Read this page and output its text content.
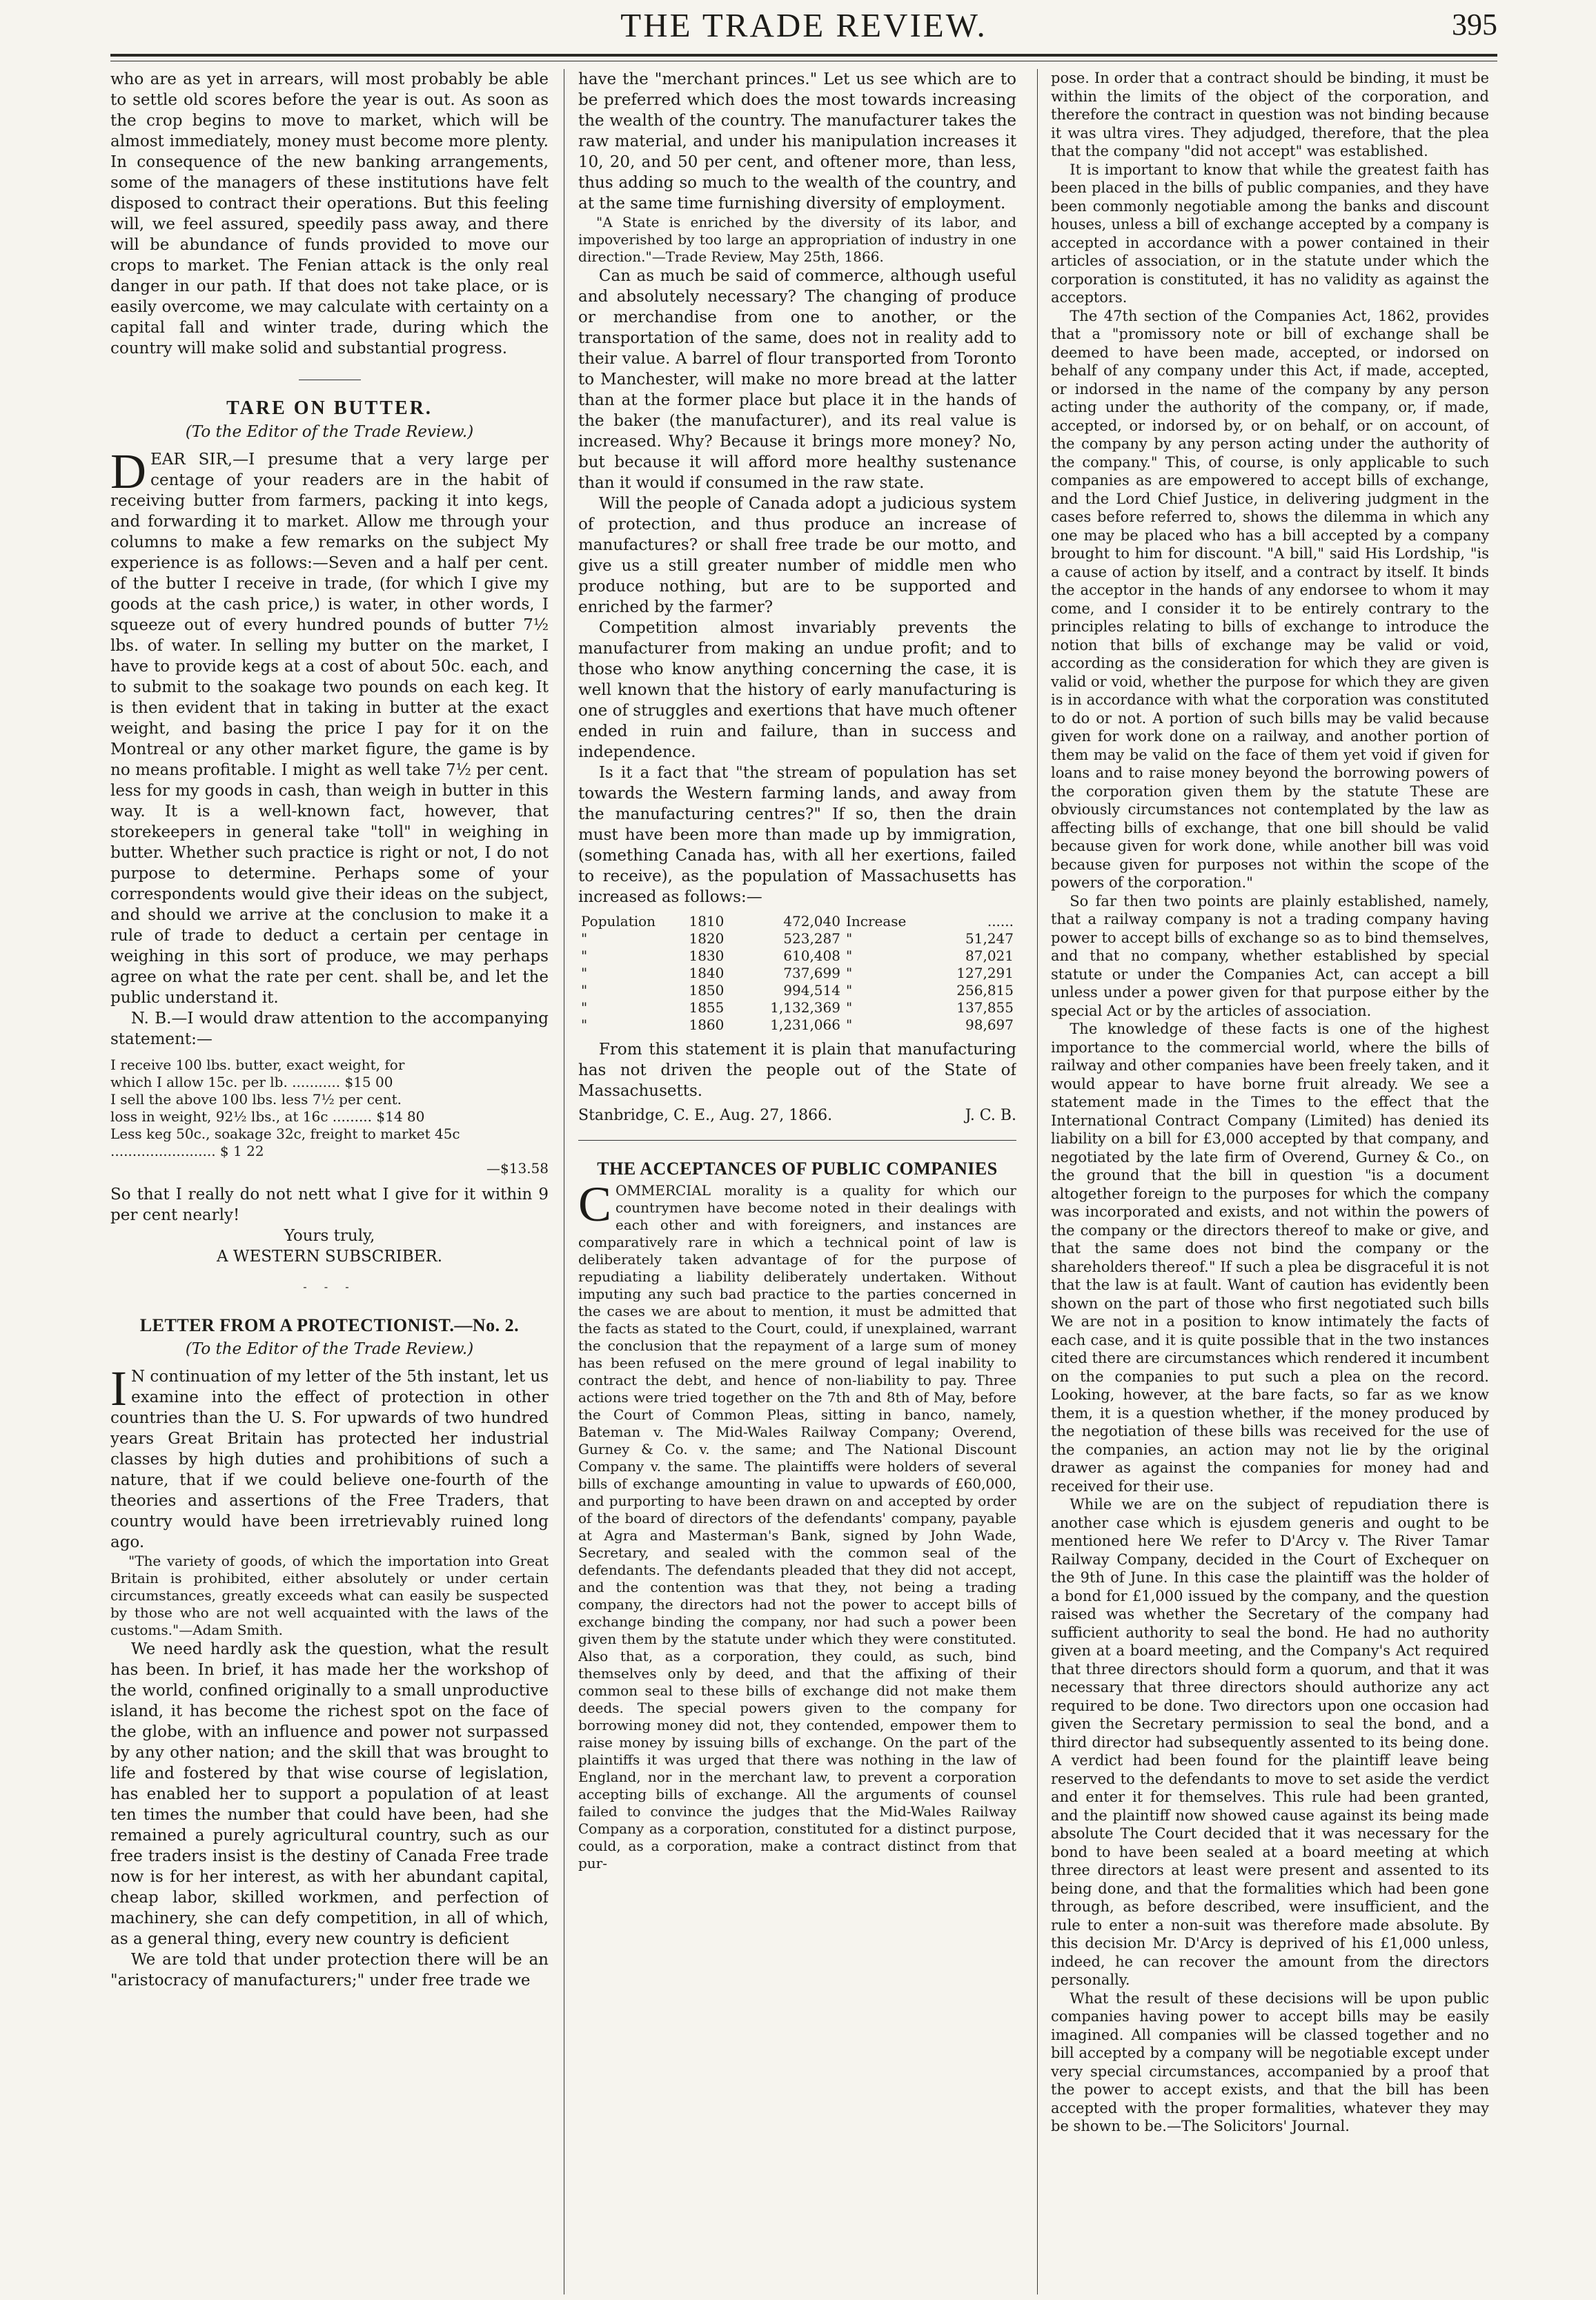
THE TRADE REVIEW.	395

who are as yet in arrears, will most probably be able to settle old scores before the year is out. As soon as the crop begins to move to market, which will be almost immediately, money must become more plenty. In consequence of the new banking arrangements, some of the managers of these institutions have felt disposed to contract their operations. But this feeling will, we feel assured, speedily pass away, and there will be abundance of funds provided to move our crops to market. The Fenian attack is the only real danger in our path. If that does not take place, or is easily overcome, we may calculate with certainty on a capital fall and winter trade, during which the country will make solid and substantial progress.

TARE ON BUTTER.
(To the Editor of the Trade Review.)

DEAR SIR,—I presume that a very large per centage of your readers are in the habit of receiving butter from farmers, packing it into kegs, and forwarding it to market. Allow me through your columns to make a few remarks on the subject My experience is as follows:—Seven and a half per cent. of the butter I receive in trade, (for which I give my goods at the cash price,) is water, in other words, I squeeze out of every hundred pounds of butter 7½ lbs. of water. In selling my butter on the market, I have to provide kegs at a cost of about 50c. each, and to submit to the soakage two pounds on each keg. It is then evident that in taking in butter at the exact weight, and basing the price I pay for it on the Montreal or any other market figure, the game is by no means profitable. I might as well take 7½ per cent. less for my goods in cash, than weigh in butter in this way. It is a well-known fact, however, that storekeepers in general take "toll" in weighing in butter. Whether such practice is right or not, I do not purpose to determine. Perhaps some of your correspondents would give their ideas on the subject, and should we arrive at the conclusion to make it a rule of trade to deduct a certain per centage in weighing in this sort of produce, we may perhaps agree on what the rate per cent. shall be, and let the public understand it.

N. B.—I would draw attention to the accompanying statement:—

I receive 100 lbs. butter, exact weight, for
which I allow 15c. per lb. ........... $15 00
I sell the above 100 lbs. less 7½ per cent.
loss in weight, 92½ lbs., at 16c ......... $14 80
Less keg 50c., soakage 32c, freight to market 45c ........................ $ 1 22
—$13.58

So that I really do not nett what I give for it within 9 per cent nearly!

Yours truly,
A WESTERN SUBSCRIBER.
- - -
LETTER FROM A PROTECTIONIST.—No. 2.
(To the Editor of the Trade Review.)

I N continuation of my letter of the 5th instant, let us examine into the effect of protection in other countries than the U. S. For upwards of two hundred years Great Britain has protected her industrial classes by high duties and prohibitions of such a nature, that if we could believe one-fourth of the theories and assertions of the Free Traders, that country would have been irretrievably ruined long ago.

"The variety of goods, of which the importation into Great Britain is prohibited, either absolutely or under certain circumstances, greatly exceeds what can easily be suspected by those who are not well acquainted with the laws of the customs."—Adam Smith.

We need hardly ask the question, what the result has been. In brief, it has made her the workshop of the world, confined originally to a small unproductive island, it has become the richest spot on the face of the globe, with an influence and power not surpassed by any other nation; and the skill that was brought to life and fostered by that wise course of legislation, has enabled her to support a population of at least ten times the number that could have been, had she remained a purely agricultural country, such as our free traders insist is the destiny of Canada Free trade now is for her interest, as with her abundant capital, cheap labor, skilled workmen, and perfection of machinery, she can defy competition, in all of which, as a general thing, every new country is deficient

We are told that under protection there will be an "aristocracy of manufacturers;" under free trade we

have the "merchant princes." Let us see which are to be preferred which does the most towards increasing the wealth of the country. The manufacturer takes the raw material, and under his manipulation increases it 10, 20, and 50 per cent, and oftener more, than less, thus adding so much to the wealth of the country, and at the same time furnishing diversity of employment.

"A State is enriched by the diversity of its labor, and impoverished by too large an appropriation of industry in one direction."—Trade Review, May 25th, 1866.

Can as much be said of commerce, although useful and absolutely necessary? The changing of produce or merchandise from one to another, or the transportation of the same, does not in reality add to their value. A barrel of flour transported from Toronto to Manchester, will make no more bread at the latter than at the former place but place it in the hands of the baker (the manufacturer), and its real value is increased. Why? Because it brings more money? No, but because it will afford more healthy sustenance than it would if consumed in the raw state.

Will the people of Canada adopt a judicious system of protection, and thus produce an increase of manufactures? or shall free trade be our motto, and give us a still greater number of middle men who produce nothing, but are to be supported and enriched by the farmer?

Competition almost invariably prevents the manufacturer from making an undue profit; and to those who know anything concerning the case, it is well known that the history of early manufacturing is one of struggles and exertions that have much oftener ended in ruin and failure, than in success and independence.

Is it a fact that "the stream of population has set towards the Western farming lands, and away from the manufacturing centres?" If so, then the drain must have been more than made up by immigration, (something Canada has, with all her exertions, failed to receive), as the population of Massachusetts has increased as follows:—

Population	1810	472,040	Increase	......
"	1820	523,287	"	51,247
"	1830	610,408	"	87,021
"	1840	737,699	"	127,291
"	1850	994,514	"	256,815
"	1855	1,132,369	"	137,855
"	1860	1,231,066	"	98,697

From this statement it is plain that manufacturing has not driven the people out of the State of Massachusetts.

Stanbridge, C. E., Aug. 27, 1866.	J. C. B.
THE ACCEPTANCES OF PUBLIC COMPANIES

COMMERCIAL morality is a quality for which our countrymen have become noted in their dealings with each other and with foreigners, and instances are comparatively rare in which a technical point of law is deliberately taken advantage of for the purpose of repudiating a liability deliberately undertaken. Without imputing any such bad practice to the parties concerned in the cases we are about to mention, it must be admitted that the facts as stated to the Court, could, if unexplained, warrant the conclusion that the repayment of a large sum of money has been refused on the mere ground of legal inability to contract the debt, and hence of non-liability to pay. Three actions were tried together on the 7th and 8th of May, before the Court of Common Pleas, sitting in banco, namely, Bateman v. The Mid-Wales Railway Company; Overend, Gurney & Co. v. the same; and The National Discount Company v. the same. The plaintiffs were holders of several bills of exchange amounting in value to upwards of £60,000, and purporting to have been drawn on and accepted by order of the board of directors of the defendants' company, payable at Agra and Masterman's Bank, signed by John Wade, Secretary, and sealed with the common seal of the defendants. The defendants pleaded that they did not accept, and the contention was that they, not being a trading company, the directors had not the power to accept bills of exchange binding the company, nor had such a power been given them by the statute under which they were constituted. Also that, as a corporation, they could, as such, bind themselves only by deed, and that the affixing of their common seal to these bills of exchange did not make them deeds. The special powers given to the company for borrowing money did not, they contended, empower them to raise money by issuing bills of exchange. On the part of the plaintiffs it was urged that there was nothing in the law of England, nor in the merchant law, to prevent a corporation accepting bills of exchange. All the arguments of counsel failed to convince the judges that the Mid-Wales Railway Company as a corporation, constituted for a distinct purpose, could, as a corporation, make a contract distinct from that pur-

pose. In order that a contract should be binding, it must be within the limits of the object of the corporation, and therefore the contract in question was not binding because it was ultra vires. They adjudged, therefore, that the plea that the company "did not accept" was established.

It is important to know that while the greatest faith has been placed in the bills of public companies, and they have been commonly negotiable among the banks and discount houses, unless a bill of exchange accepted by a company is accepted in accordance with a power contained in their articles of association, or in the statute under which the corporation is constituted, it has no validity as against the acceptors.

The 47th section of the Companies Act, 1862, provides that a "promissory note or bill of exchange shall be deemed to have been made, accepted, or indorsed on behalf of any company under this Act, if made, accepted, or indorsed in the name of the company by any person acting under the authority of the company, or, if made, accepted, or indorsed by, or on behalf, or on account, of the company by any person acting under the authority of the company." This, of course, is only applicable to such companies as are empowered to accept bills of exchange, and the Lord Chief Justice, in delivering judgment in the cases before referred to, shows the dilemma in which any one may be placed who has a bill accepted by a company brought to him for discount. "A bill," said His Lordship, "is a cause of action by itself, and a contract by itself. It binds the acceptor in the hands of any endorsee to whom it may come, and I consider it to be entirely contrary to the principles relating to bills of exchange to introduce the notion that bills of exchange may be valid or void, according as the consideration for which they are given is valid or void, whether the purpose for which they are given is in accordance with what the corporation was constituted to do or not. A portion of such bills may be valid because given for work done on a railway, and another portion of them may be valid on the face of them yet void if given for loans and to raise money beyond the borrowing powers of the corporation given them by the statute These are obviously circumstances not contemplated by the law as affecting bills of exchange, that one bill should be valid because given for work done, while another bill was void because given for purposes not within the scope of the powers of the corporation."

So far then two points are plainly established, namely, that a railway company is not a trading company having power to accept bills of exchange so as to bind themselves, and that no company, whether established by special statute or under the Companies Act, can accept a bill unless under a power given for that purpose either by the special Act or by the articles of association.

The knowledge of these facts is one of the highest importance to the commercial world, where the bills of railway and other companies have been freely taken, and it would appear to have borne fruit already. We see a statement made in the Times to the effect that the International Contract Company (Limited) has denied its liability on a bill for £3,000 accepted by that company, and negotiated by the late firm of Overend, Gurney & Co., on the ground that the bill in question "is a document altogether foreign to the purposes for which the company was incorporated and exists, and not within the powers of the company or the directors thereof to make or give, and that the same does not bind the company or the shareholders thereof." If such a plea be disgraceful it is not that the law is at fault. Want of caution has evidently been shown on the part of those who first negotiated such bills We are not in a position to know intimately the facts of each case, and it is quite possible that in the two instances cited there are circumstances which rendered it incumbent on the companies to put such a plea on the record. Looking, however, at the bare facts, so far as we know them, it is a question whether, if the money produced by the negotiation of these bills was received for the use of the companies, an action may not lie by the original drawer as against the companies for money had and received for their use.

While we are on the subject of repudiation there is another case which is ejusdem generis and ought to be mentioned here We refer to D'Arcy v. The River Tamar Railway Company, decided in the Court of Exchequer on the 9th of June. In this case the plaintiff was the holder of a bond for £1,000 issued by the company, and the question raised was whether the Secretary of the company had sufficient authority to seal the bond. He had no authority given at a board meeting, and the Company's Act required that three directors should form a quorum, and that it was necessary that three directors should authorize any act required to be done. Two directors upon one occasion had given the Secretary permission to seal the bond, and a third director had subsequently assented to its being done. A verdict had been found for the plaintiff leave being reserved to the defendants to move to set aside the verdict and enter it for themselves. This rule had been granted, and the plaintiff now showed cause against its being made absolute The Court decided that it was necessary for the bond to have been sealed at a board meeting at which three directors at least were present and assented to its being done, and that the formalities which had been gone through, as before described, were insufficient, and the rule to enter a non-suit was therefore made absolute. By this decision Mr. D'Arcy is deprived of his £1,000 unless, indeed, he can recover the amount from the directors personally.

What the result of these decisions will be upon public companies having power to accept bills may be easily imagined. All companies will be classed together and no bill accepted by a company will be negotiable except under very special circumstances, accompanied by a proof that the power to accept exists, and that the bill has been accepted with the proper formalities, whatever they may be shown to be.—The Solicitors' Journal.
